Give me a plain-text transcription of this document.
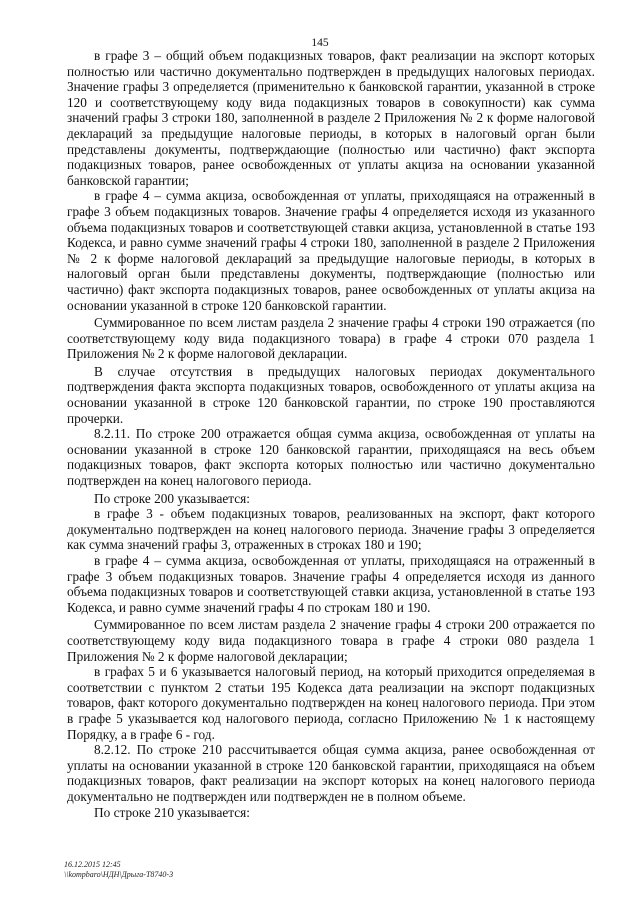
145

в графе 3 – общий объем подакцизных товаров, факт реализации на экспорт которых полностью или частично документально подтвержден в предыдущих налоговых периодах. Значение графы 3 определяется (применительно к банковской гарантии, указанной в строке 120 и соответствующему коду вида подакцизных товаров в совокупности) как сумма значений графы 3 строки 180, заполненной в разделе 2 Приложения № 2 к форме налоговой деклараций за предыдущие налоговые периоды, в которых в налоговый орган были представлены документы, подтверждающие (полностью или частично) факт экспорта подакцизных товаров, ранее освобожденных от уплаты акциза на основании указанной банковской гарантии;

в графе 4 – сумма акциза, освобожденная от уплаты, приходящаяся на отраженный в графе 3 объем подакцизных товаров. Значение графы 4 определяется исходя из указанного объема подакцизных товаров и соответствующей ставки акциза, установленной в статье 193 Кодекса, и равно сумме значений графы 4 строки 180, заполненной в разделе 2 Приложения № 2 к форме налоговой деклараций за предыдущие налоговые периоды, в которых в налоговый орган были представлены документы, подтверждающие (полностью или частично) факт экспорта подакцизных товаров, ранее освобожденных от уплаты акциза на основании указанной в строке 120 банковской гарантии.

Суммированное по всем листам раздела 2 значение графы 4 строки 190 отражается (по соответствующему коду вида подакцизного товара) в графе 4 строки 070 раздела 1 Приложения № 2 к форме налоговой декларации.

В случае отсутствия в предыдущих налоговых периодах документального подтверждения факта экспорта подакцизных товаров, освобожденного от уплаты акциза на основании указанной в строке 120 банковской гарантии, по строке 190 проставляются прочерки.

8.2.11. По строке 200 отражается общая сумма акциза, освобожденная от уплаты на основании указанной в строке 120 банковской гарантии, приходящаяся на весь объем подакцизных товаров, факт экспорта которых полностью или частично документально подтвержден на конец налогового периода.

По строке 200 указывается:

в графе 3 - объем подакцизных товаров, реализованных на экспорт, факт которого документально подтвержден на конец налогового периода. Значение графы 3 определяется как сумма значений графы 3, отраженных в строках 180 и 190;

в графе 4 – сумма акциза, освобожденная от уплаты, приходящаяся на отраженный в графе 3 объем подакцизных товаров. Значение графы 4 определяется исходя из данного объема подакцизных товаров и соответствующей ставки акциза, установленной в статье 193 Кодекса, и равно сумме значений графы 4 по строкам 180 и 190.

Суммированное по всем листам раздела 2 значение графы 4 строки 200 отражается по соответствующему коду вида подакцизного товара в графе 4 строки 080 раздела 1 Приложения № 2 к форме налоговой декларации;

в графах 5 и 6 указывается налоговый период, на который приходится определяемая в соответствии с пунктом 2 статьи 195 Кодекса дата реализации на экспорт подакцизных товаров, факт которого документально подтвержден на конец налогового периода. При этом в графе 5 указывается код налогового периода, согласно Приложению № 1 к настоящему Порядку, а в графе 6 - год.

8.2.12. По строке 210 рассчитывается общая сумма акциза, ранее освобожденная от уплаты на основании указанной в строке 120 банковской гарантии, приходящаяся на объем подакцизных товаров, факт реализации на экспорт которых на конец налогового периода документально не подтвержден или подтвержден не в полном объеме.

По строке 210 указывается:

16.12.2015 12:45
\\kompbaro\НДН\Дрыга-Т8740-3
